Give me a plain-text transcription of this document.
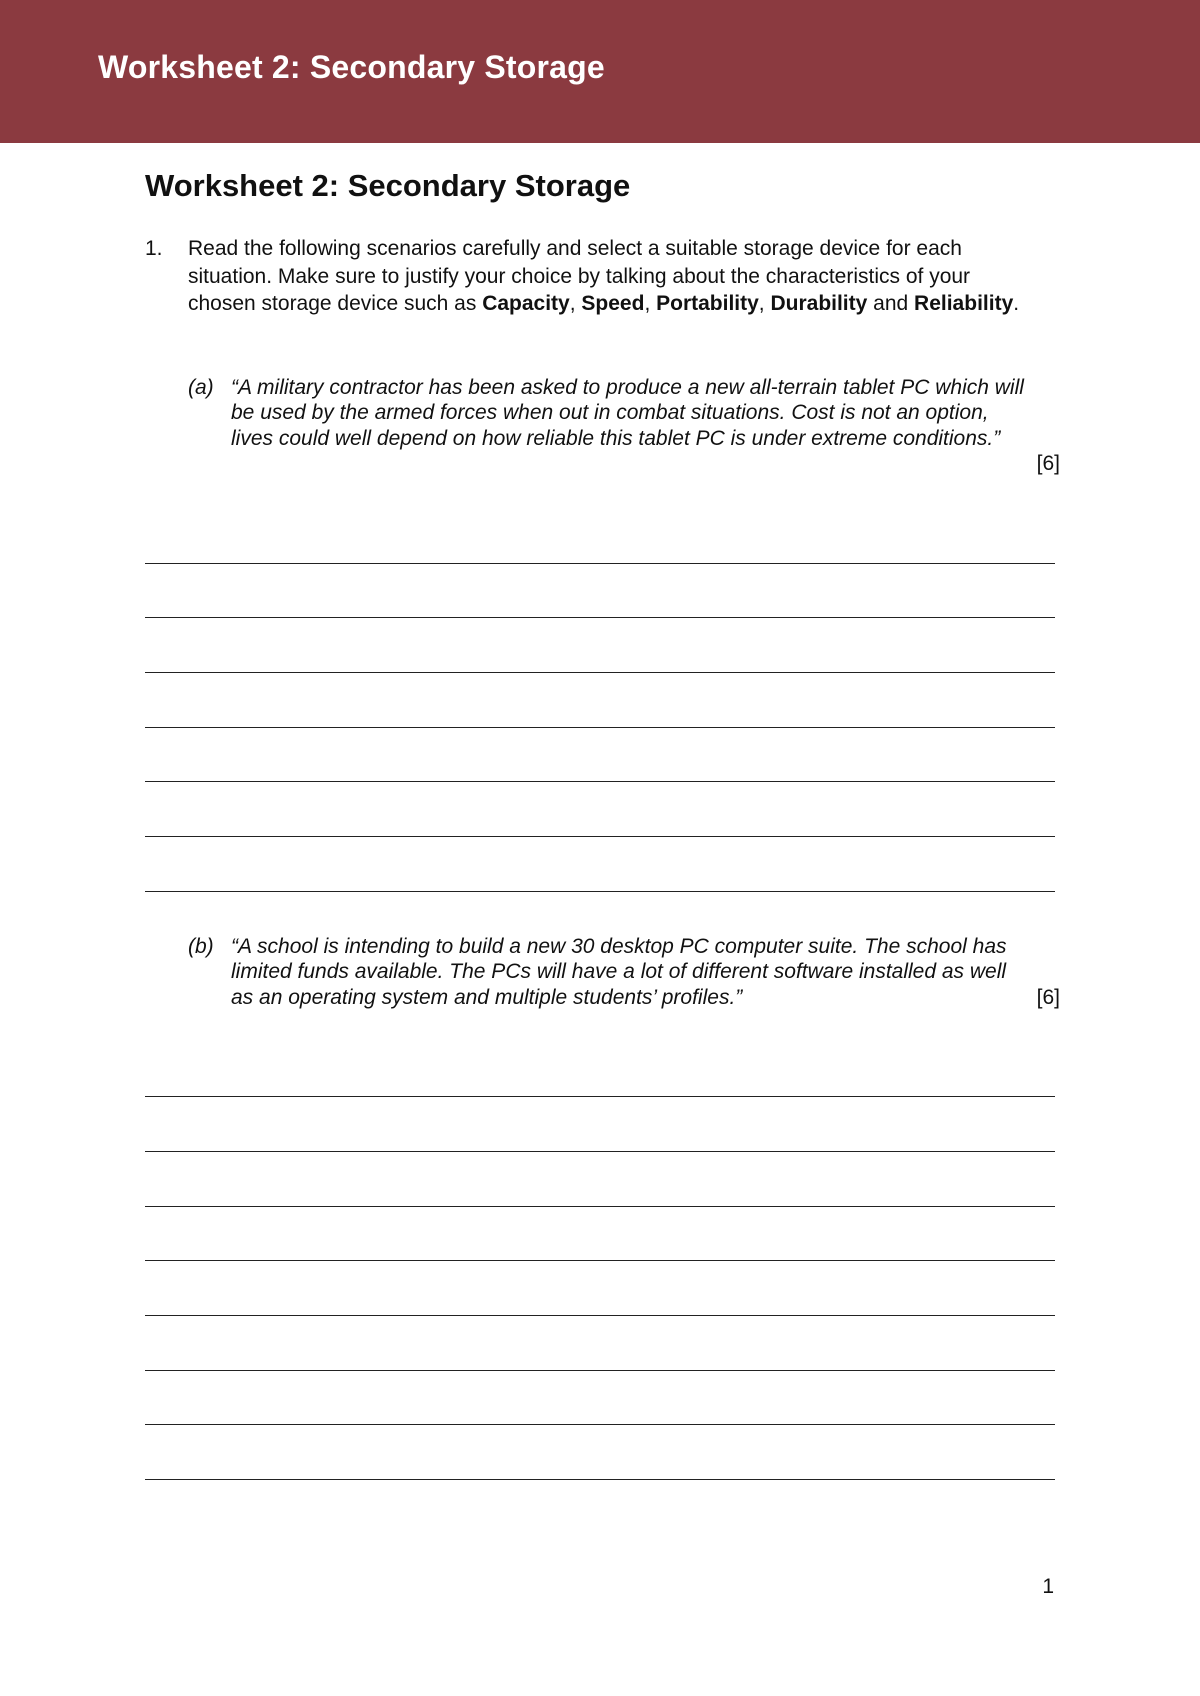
Worksheet 2: Secondary Storage
Worksheet 2: Secondary Storage
1. Read the following scenarios carefully and select a suitable storage device for each situation. Make sure to justify your choice by talking about the characteristics of your chosen storage device such as Capacity, Speed, Portability, Durability and Reliability.
(a) “A military contractor has been asked to produce a new all-terrain tablet PC which will be used by the armed forces when out in combat situations. Cost is not an option, lives could well depend on how reliable this tablet PC is under extreme conditions.”
[6]
(b) “A school is intending to build a new 30 desktop PC computer suite. The school has limited funds available. The PCs will have a lot of different software installed as well as an operating system and multiple students’ profiles.”	[6]
1
